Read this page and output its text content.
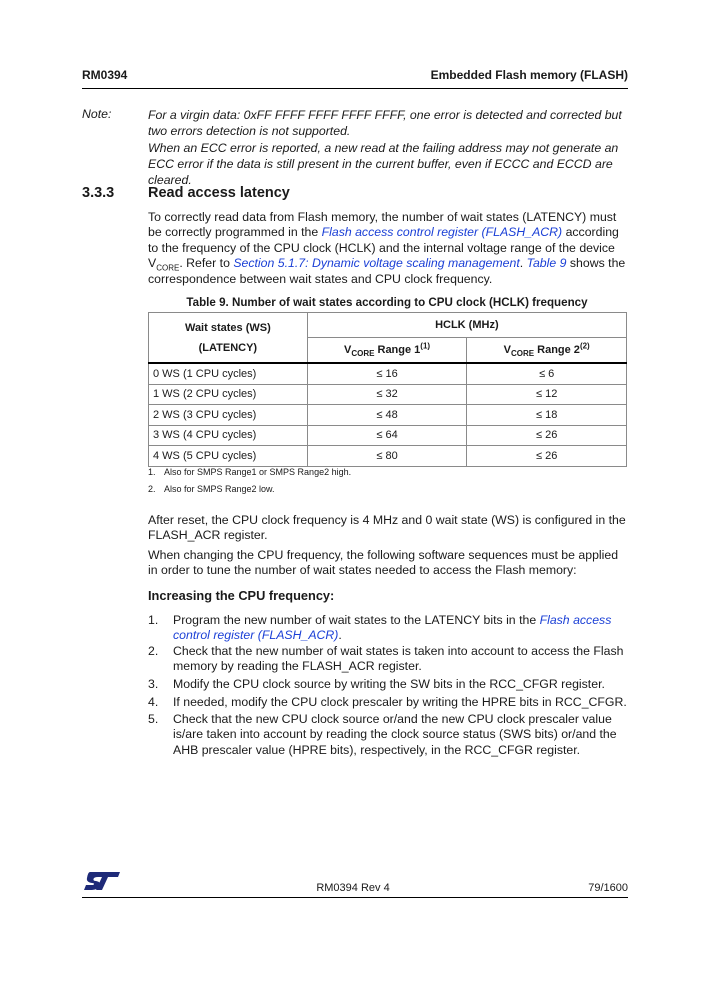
RM0394	Embedded Flash memory (FLASH)
Note:	For a virgin data: 0xFF FFFF FFFF FFFF FFFF, one error is detected and corrected but two errors detection is not supported.
When an ECC error is reported, a new read at the failing address may not generate an ECC error if the data is still present in the current buffer, even if ECCC and ECCD are cleared.
3.3.3 Read access latency
To correctly read data from Flash memory, the number of wait states (LATENCY) must be correctly programmed in the Flash access control register (FLASH_ACR) according to the frequency of the CPU clock (HCLK) and the internal voltage range of the device $V_{CORE}$. Refer to Section 5.1.7: Dynamic voltage scaling management. Table 9 shows the correspondence between wait states and CPU clock frequency.
Table 9. Number of wait states according to CPU clock (HCLK) frequency
Wait states (WS)
(LATENCY)	HCLK (MHz)	
	$V_{CORE}$ Range 1$^{(1)}$	$V_{CORE}$ Range 2$^{(2)}$
0 WS (1 CPU cycles)	≤ 16	≤ 6
1 WS (2 CPU cycles)	≤ 32	≤ 12
2 WS (3 CPU cycles)	≤ 48	≤ 18
3 WS (4 CPU cycles)	≤ 64	≤ 26
4 WS (5 CPU cycles)	≤ 80	≤ 26
1. Also for SMPS Range1 or SMPS Range2 high.
2. Also for SMPS Range2 low.
After reset, the CPU clock frequency is 4 MHz and 0 wait state (WS) is configured in the FLASH_ACR register.
When changing the CPU frequency, the following software sequences must be applied in order to tune the number of wait states needed to access the Flash memory:
Increasing the CPU frequency:
1. Program the new number of wait states to the LATENCY bits in the Flash access control register (FLASH_ACR).
2. Check that the new number of wait states is taken into account to access the Flash memory by reading the FLASH_ACR register.
3. Modify the CPU clock source by writing the SW bits in the RCC_CFGR register.
4. If needed, modify the CPU clock prescaler by writing the HPRE bits in RCC_CFGR.
5. Check that the new CPU clock source or/and the new CPU clock prescaler value is/are taken into account by reading the clock source status (SWS bits) or/and the AHB prescaler value (HPRE bits), respectively, in the RCC_CFGR register.
RM0394 Rev 4	79/1600
